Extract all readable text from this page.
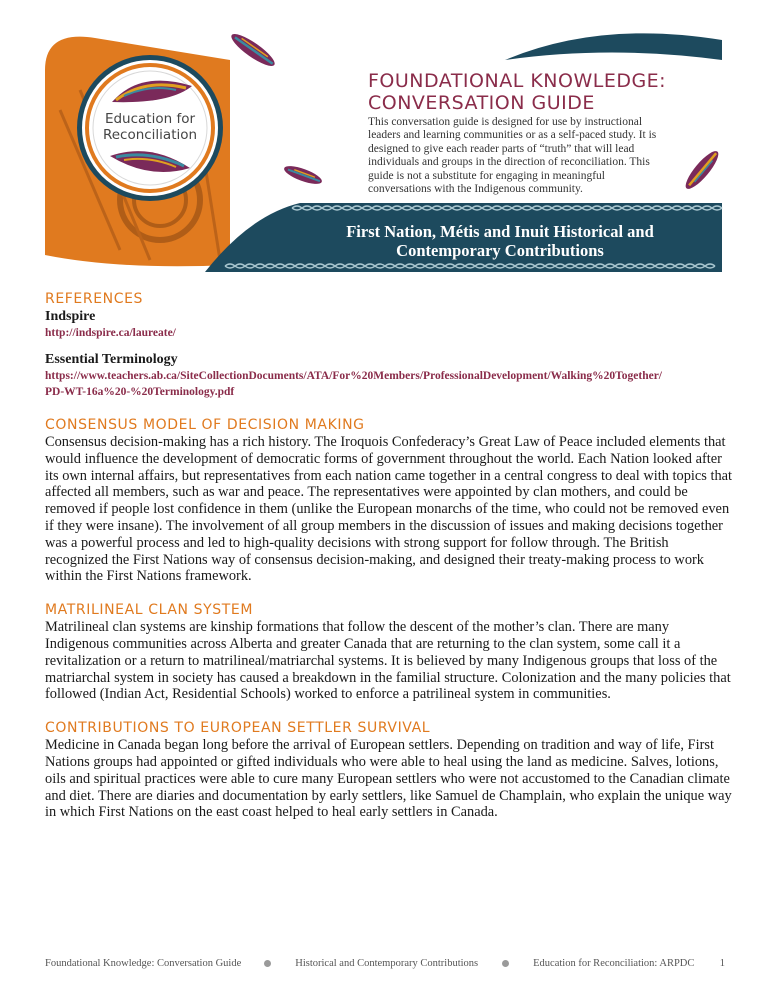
Education for
Reconciliation
FOUNDATIONAL KNOWLEDGE:
CONVERSATION GUIDE

This conversation guide is designed for use by instructional leaders and learning communities or as a self-paced study. It is designed to give each reader parts of “truth” that will lead individuals and groups in the direction of reconciliation. This guide is not a substitute for engaging in meaningful conversations with the Indigenous community.

First Nation, Métis and Inuit Historical and
Contemporary Contributions
REFERENCES
Indspire
http://indspire.ca/laureate/
Essential Terminology
https://www.teachers.ab.ca/SiteCollectionDocuments/ATA/For%20Members/ProfessionalDevelopment/Walking%20Together/
PD-WT-16a%20-%20Terminology.pdf
CONSENSUS MODEL OF DECISION MAKING

Consensus decision-making has a rich history. The Iroquois Confederacy’s Great Law of Peace included elements that would influence the development of democratic forms of government throughout the world. Each Nation looked after its own internal affairs, but representatives from each nation came together in a central congress to deal with topics that affected all members, such as war and peace. The representatives were appointed by clan mothers, and could be removed if people lost confidence in them (unlike the European monarchs of the time, who could not be removed even if they were insane). The involvement of all group members in the discussion of issues and making decisions together was a powerful process and led to high-quality decisions with strong support for follow through. The British recognized the First Nations way of consensus decision-making, and designed their treaty-making process to work within the First Nations framework.

MATRILINEAL CLAN SYSTEM

Matrilineal clan systems are kinship formations that follow the descent of the mother’s clan. There are many Indigenous communities across Alberta and greater Canada that are returning to the clan system, some call it a revitalization or a return to matrilineal/matriarchal systems. It is believed by many Indigenous groups that loss of the matriarchal system in society has caused a breakdown in the familial structure. Colonization and the many policies that followed (Indian Act, Residential Schools) worked to enforce a patrilineal system in communities.

CONTRIBUTIONS TO EUROPEAN SETTLER SURVIVAL

Medicine in Canada began long before the arrival of European settlers. Depending on tradition and way of life, First Nations groups had appointed or gifted individuals who were able to heal using the land as medicine. Salves, lotions, oils and spiritual practices were able to cure many European settlers who were not accustomed to the Canadian climate and diet. There are diaries and documentation by early settlers, like Samuel de Champlain, who explain the unique way in which First Nations on the east coast helped to heal early settlers in Canada.

Foundational Knowledge: Conversation Guide	Historical and Contemporary Contributions	Education for Reconciliation: ARPDC 1
